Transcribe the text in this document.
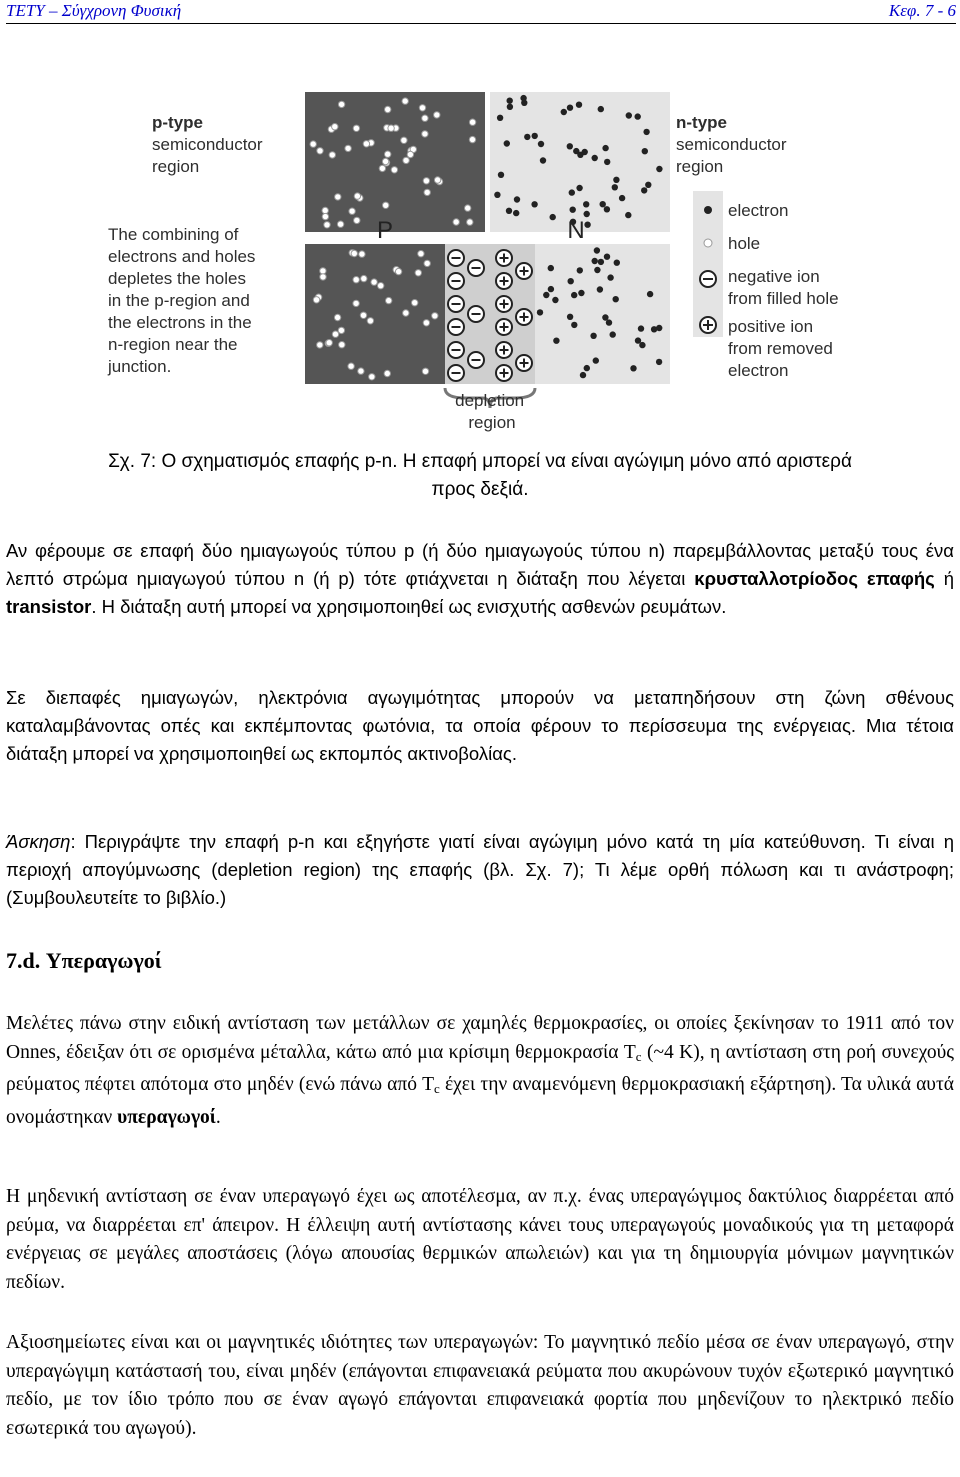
ΤΕΤΥ – Σύγχρονη Φυσική	Κεφ. 7 - 6
P	N
p-type semiconductor region
n-type semiconductor region
The combining of electrons and holes depletes the holes in the p-region and the electrons in the n-region near the junction.
electron
hole
negative ion from filled hole
positive ion from removed electron
depletion region
Σχ. 7: Ο σχηματισμός επαφής p-n. Η επαφή μπορεί να είναι αγώγιμη μόνο από αριστερά προς δεξιά.
Αν φέρουμε σε επαφή δύο ημιαγωγούς τύπου p (ή δύο ημιαγωγούς τύπου n) παρεμβάλλοντας μεταξύ τους ένα λεπτό στρώμα ημιαγωγού τύπου n (ή p) τότε φτιάχνεται η διάταξη που λέγεται κρυσταλλοτρίοδος επαφής ή transistor. Η διάταξη αυτή μπορεί να χρησιμοποιηθεί ως ενισχυτής ασθενών ρευμάτων.
Σε διεπαφές ημιαγωγών, ηλεκτρόνια αγωγιμότητας μπορούν να μεταπηδήσουν στη ζώνη σθένους καταλαμβάνοντας οπές και εκπέμποντας φωτόνια, τα οποία φέρουν το περίσσευμα της ενέργειας. Μια τέτοια διάταξη μπορεί να χρησιμοποιηθεί ως εκπομπός ακτινοβολίας.
Άσκηση: Περιγράψτε την επαφή p-n και εξηγήστε γιατί είναι αγώγιμη μόνο κατά τη μία κατεύθυνση. Τι είναι η περιοχή απογύμνωσης (depletion region) της επαφής (βλ. Σχ. 7); Τι λέμε ορθή πόλωση και τι ανάστροφη; (Συμβουλευτείτε το βιβλίο.)
7.d. Υπεραγωγοί
Μελέτες πάνω στην ειδική αντίσταση των μετάλλων σε χαμηλές θερμοκρασίες, οι οποίες ξεκίνησαν το 1911 από τον Onnes, έδειξαν ότι σε ορισμένα μέταλλα, κάτω από μια κρίσιμη θερμοκρασία $T_c$ (~4 K), η αντίσταση στη ροή συνεχούς ρεύματος πέφτει απότομα στο μηδέν (ενώ πάνω από $T_c$ έχει την αναμενόμενη θερμοκρασιακή εξάρτηση). Τα υλικά αυτά ονομάστηκαν υπεραγωγοί.
Η μηδενική αντίσταση σε έναν υπεραγωγό έχει ως αποτέλεσμα, αν π.χ. ένας υπεραγώγιμος δακτύλιος διαρρέεται από ρεύμα, να διαρρέεται επ' άπειρον. Η έλλειψη αυτή αντίστασης κάνει τους υπεραγωγούς μοναδικούς για τη μεταφορά ενέργειας σε μεγάλες αποστάσεις (λόγω απουσίας θερμικών απωλειών) και για τη δημιουργία μόνιμων μαγνητικών πεδίων.
Αξιοσημείωτες είναι και οι μαγνητικές ιδιότητες των υπεραγωγών: Το μαγνητικό πεδίο μέσα σε έναν υπεραγωγό, στην υπεραγώγιμη κατάστασή του, είναι μηδέν (επάγονται επιφανειακά ρεύματα που ακυρώνουν τυχόν εξωτερικό μαγνητικό πεδίο, με τον ίδιο τρόπο που σε έναν αγωγό επάγονται επιφανειακά φορτία που μηδενίζουν το ηλεκτρικό πεδίο εσωτερικά του αγωγού).
